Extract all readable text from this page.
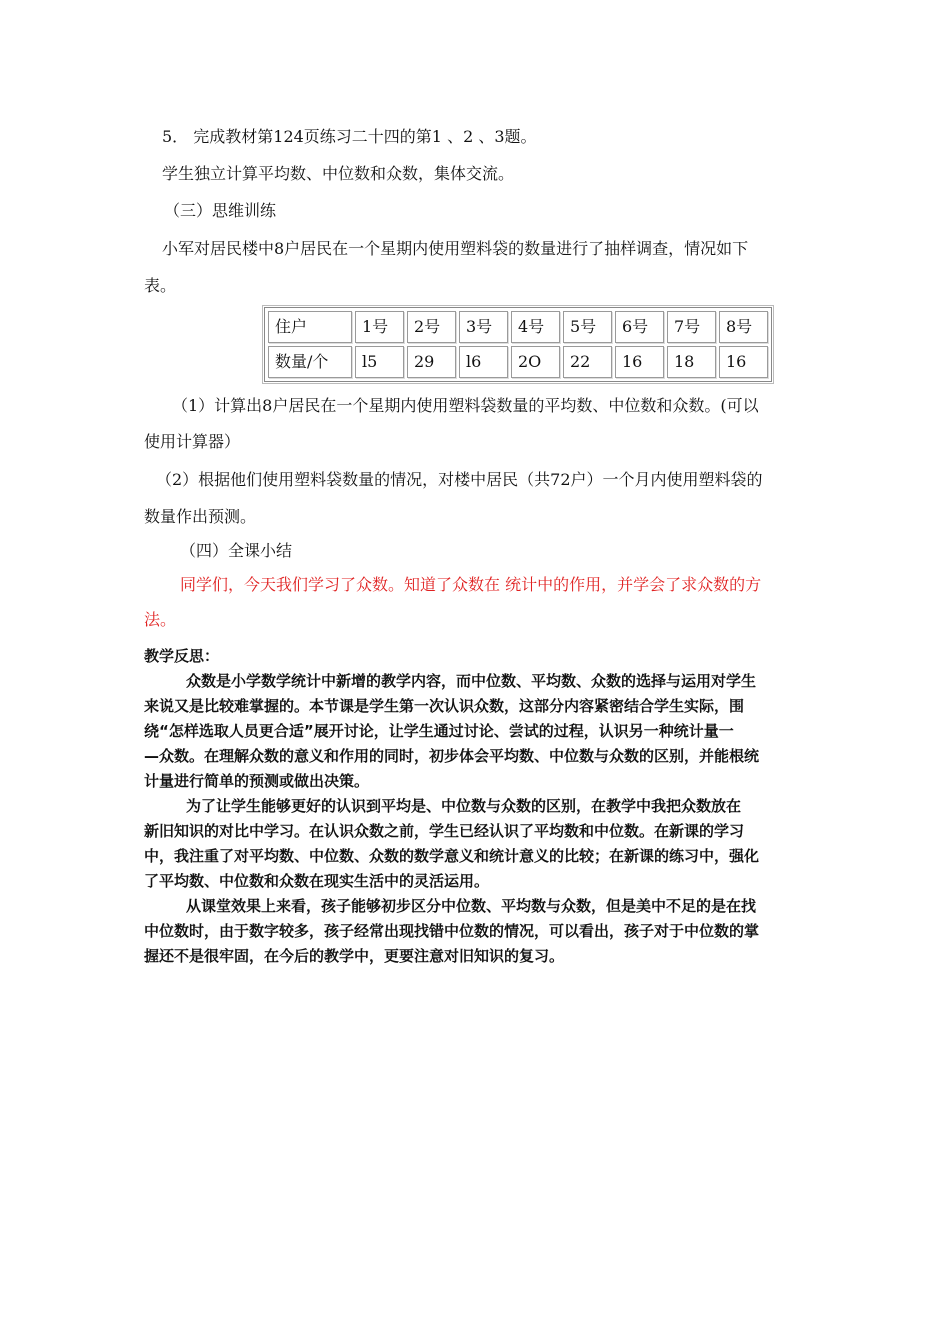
5． 完成教材第124页练习二十四的第1 、2 、3题。
学生独立计算平均数、中位数和众数，集体交流。
（三）思维训练
小军对居民楼中8户居民在一个星期内使用塑料袋的数量进行了抽样调查，情况如下
表。
住户	1号	2号	3号	4号	5号	6号	7号	8号
数量/个	l5	29	l6	2O	22	16	18	16
（1）计算出8户居民在一个星期内使用塑料袋数量的平均数、中位数和众数。(可以
使用计算器）
（2）根据他们使用塑料袋数量的情况，对楼中居民（共72户）一个月内使用塑料袋的
数量作出预测。
（四）全课小结
同学们，今天我们学习了众数。知道了众数在 统计中的作用，并学会了求众数的方
法。
教学反思：
众数是小学数学统计中新增的教学内容，而中位数、平均数、众数的选择与运用对学生
来说又是比较难掌握的。本节课是学生第一次认识众数，这部分内容紧密结合学生实际，围
绕“怎样选取人员更合适”展开讨论，让学生通过讨论、尝试的过程，认识另一种统计量一
—众数。在理解众数的意义和作用的同时，初步体会平均数、中位数与众数的区别，并能根统
计量进行简单的预测或做出决策。
为了让学生能够更好的认识到平均是、中位数与众数的区别，在教学中我把众数放在
新旧知识的对比中学习。在认识众数之前，学生已经认识了平均数和中位数。在新课的学习
中，我注重了对平均数、中位数、众数的数学意义和统计意义的比较；在新课的练习中，强化
了平均数、中位数和众数在现实生活中的灵活运用。
从课堂效果上来看，孩子能够初步区分中位数、平均数与众数，但是美中不足的是在找
中位数时，由于数字较多，孩子经常出现找错中位数的情况，可以看出，孩子对于中位数的掌
握还不是很牢固，在今后的教学中，更要注意对旧知识的复习。
